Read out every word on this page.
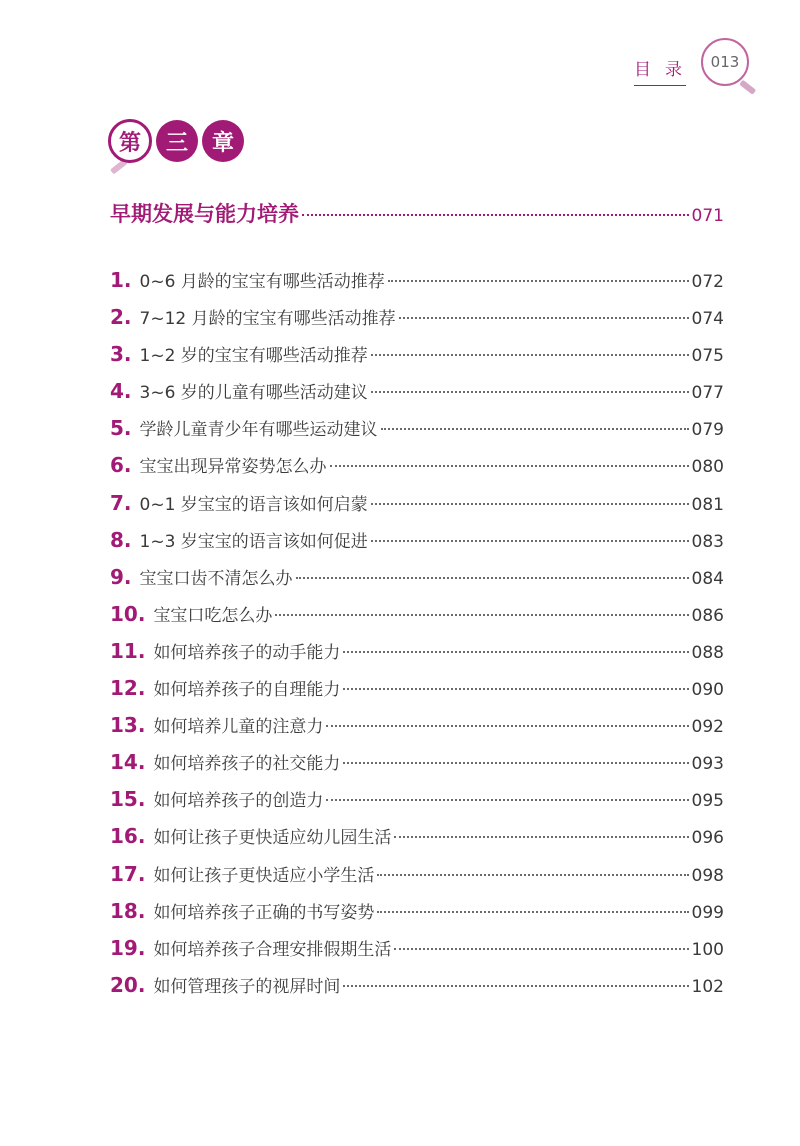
目录 013
第	三	章
早期发展与能力培养	071
1. 0~6 月龄的宝宝有哪些活动推荐	072
2. 7~12 月龄的宝宝有哪些活动推荐	074
3. 1~2 岁的宝宝有哪些活动推荐	075
4. 3~6 岁的儿童有哪些活动建议	077
5. 学龄儿童青少年有哪些运动建议	079
6. 宝宝出现异常姿势怎么办	080
7. 0~1 岁宝宝的语言该如何启蒙	081
8. 1~3 岁宝宝的语言该如何促进	083
9. 宝宝口齿不清怎么办	084
10. 宝宝口吃怎么办	086
11. 如何培养孩子的动手能力	088
12. 如何培养孩子的自理能力	090
13. 如何培养儿童的注意力	092
14. 如何培养孩子的社交能力	093
15. 如何培养孩子的创造力	095
16. 如何让孩子更快适应幼儿园生活	096
17. 如何让孩子更快适应小学生活	098
18. 如何培养孩子正确的书写姿势	099
19. 如何培养孩子合理安排假期生活	100
20. 如何管理孩子的视屏时间	102
